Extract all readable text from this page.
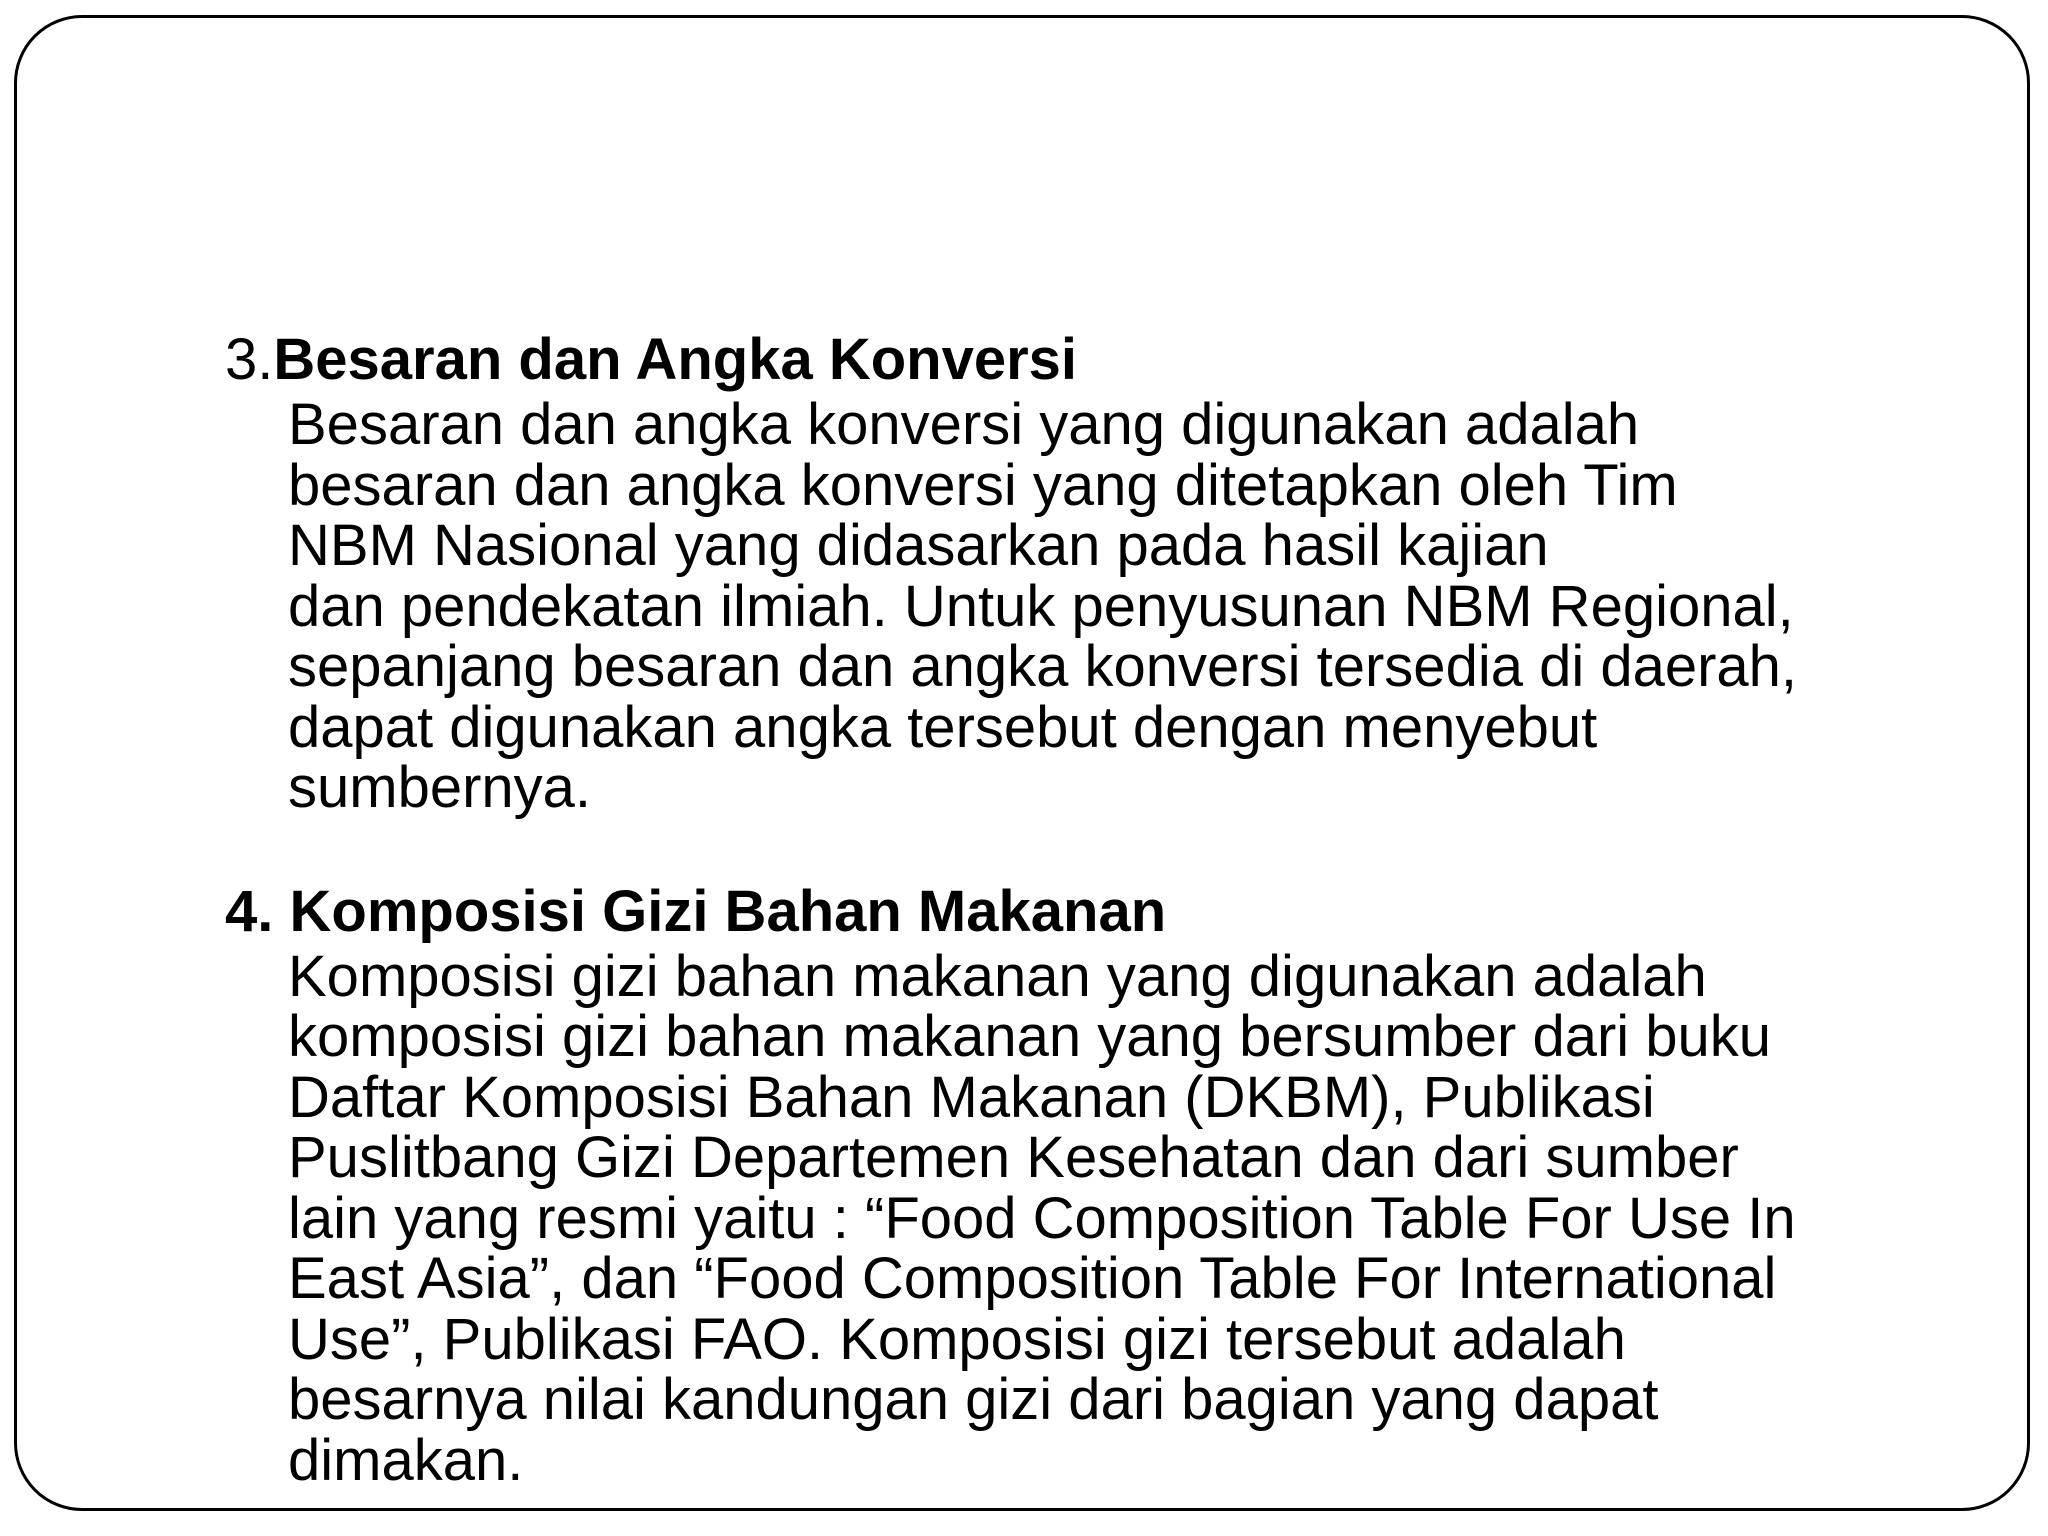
3.Besaran dan Angka Konversi
Besaran dan angka konversi yang digunakan adalah
besaran dan angka konversi yang ditetapkan oleh Tim
NBM Nasional yang didasarkan pada hasil kajian
dan pendekatan ilmiah. Untuk penyusunan NBM Regional,
sepanjang besaran dan angka konversi tersedia di daerah,
dapat digunakan angka tersebut dengan menyebut
sumbernya.
4. Komposisi Gizi Bahan Makanan
Komposisi gizi bahan makanan yang digunakan adalah
komposisi gizi bahan makanan yang bersumber dari buku
Daftar Komposisi Bahan Makanan (DKBM), Publikasi
Puslitbang Gizi Departemen Kesehatan dan dari sumber
lain yang resmi yaitu : “Food Composition Table For Use In
East Asia”, dan “Food Composition Table For International
Use”, Publikasi FAO. Komposisi gizi tersebut adalah
besarnya nilai kandungan gizi dari bagian yang dapat
dimakan.
